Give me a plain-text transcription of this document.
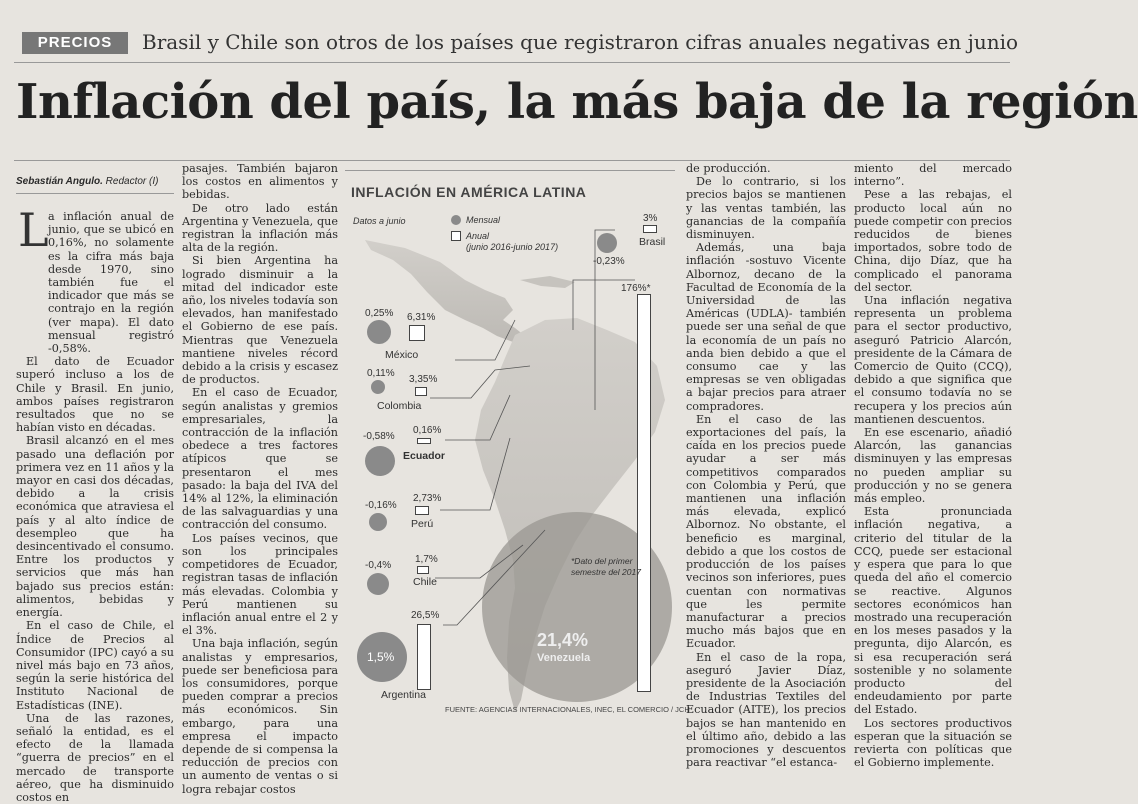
PRECIOS	Brasil y Chile son otros de los países que registraron cifras anuales negativas en junio
Inflación del país, la más baja de la región
Sebastián Angulo. Redactor (I)
L a inflación anual de junio, que se ubicó en 0,16%, no solamente es la cifra más baja desde 1970, sino también fue el indicador que más se contrajo en la región (ver mapa). El dato mensual registró -0,58%.

El dato de Ecuador superó incluso a los de Chile y Brasil. En junio, ambos países registraron resultados que no se habían visto en décadas.

Brasil alcanzó en el mes pasado una deflación por primera vez en 11 años y la mayor en casi dos décadas, debido a la crisis económica que atraviesa el país y al alto índice de desempleo que ha desincentivado el consumo. Entre los productos y servicios que más han bajado sus precios están: alimentos, bebidas y energía.

En el caso de Chile, el Índice de Precios al Consumidor (IPC) cayó a su nivel más bajo en 73 años, según la serie histórica del Instituto Nacional de Estadísticas (INE).

Una de las razones, señaló la entidad, es el efecto de la llamada “guerra de precios” en el mercado de transporte aéreo, que ha disminuido costos en

pasajes. También bajaron los costos en alimentos y bebidas.

De otro lado están Argentina y Venezuela, que registran la inflación más alta de la región.

Si bien Argentina ha logrado disminuir a la mitad del indicador este año, los niveles todavía son elevados, han manifestado el Gobierno de ese país. Mientras que Venezuela mantiene niveles récord debido a la crisis y escasez de productos.

En el caso de Ecuador, según analistas y gremios empresariales, la contracción de la inflación obedece a tres factores atípicos que se presentaron el mes pasado: la baja del IVA del 14% al 12%, la eliminación de las salvaguardias y una contracción del consumo.

Los países vecinos, que son los principales competidores de Ecuador, registran tasas de inflación más elevadas. Colombia y Perú mantienen su inflación anual entre el 2 y el 3%.

Una baja inflación, según analistas y empresarios, puede ser beneficiosa para los consumidores, porque pueden comprar a precios más económicos. Sin embargo, para una empresa el impacto depende de si compensa la reducción de precios con un aumento de ventas o si logra rebajar costos

INFLACIÓN EN AMÉRICA LATINA
Datos a junio	Mensual
Anual
(junio 2016-junio 2017)
0,25% 6,31%
México
0,11%
3,35%
Colombia
-0,58%
0,16%
Ecuador
-0,16%
2,73%
Perú
-0,4%
1,7%
Chile
26,5%
1,5%
Argentina
3%
Brasil
-0,23%
176%*
*Dato del primer semestre del 2017
21,4%
Venezuela
FUENTE: AGENCIAS INTERNACIONALES, INEC, EL COMERCIO / JCH

de producción.

De lo contrario, si los precios bajos se mantienen y las ventas también, las ganancias de la compañía disminuyen.

Además, una baja inflación -sostuvo Vicente Albornoz, decano de la Facultad de Economía de la Universidad de las Américas (UDLA)- también puede ser una señal de que la economía de un país no anda bien debido a que el consumo cae y las empresas se ven obligadas a bajar precios para atraer compradores.

En el caso de las exportaciones del país, la caída en los precios puede ayudar a ser más competitivos comparados con Colombia y Perú, que mantienen una inflación más elevada, explicó Albornoz. No obstante, el beneficio es marginal, debido a que los costos de producción de los países vecinos son inferiores, pues cuentan con normativas que les permite manufacturar a precios mucho más bajos que en Ecuador.

En el caso de la ropa, aseguró Javier Díaz, presidente de la Asociación de Industrias Textiles del Ecuador (AITE), los precios bajos se han mantenido en el último año, debido a las promociones y descuentos para reactivar “el estanca-

miento del mercado interno”.

Pese a las rebajas, el producto local aún no puede competir con precios reducidos de bienes importados, sobre todo de China, dijo Díaz, que ha complicado el panorama del sector.

Una inflación negativa representa un problema para el sector productivo, aseguró Patricio Alarcón, presidente de la Cámara de Comercio de Quito (CCQ), debido a que significa que el consumo todavía no se recupera y los precios aún mantienen descuentos.

En ese escenario, añadió Alarcón, las ganancias disminuyen y las empresas no pueden ampliar su producción y no se genera más empleo.

Esta pronunciada inflación negativa, a criterio del titular de la CCQ, puede ser estacional y espera que para lo que queda del año el comercio se reactive. Algunos sectores económicos han mostrado una recuperación en los meses pasados y la pregunta, dijo Alarcón, es si esa recuperación será sostenible y no solamente producto del endeudamiento por parte del Estado.

Los sectores productivos esperan que la situación se revierta con políticas que el Gobierno implemente.
